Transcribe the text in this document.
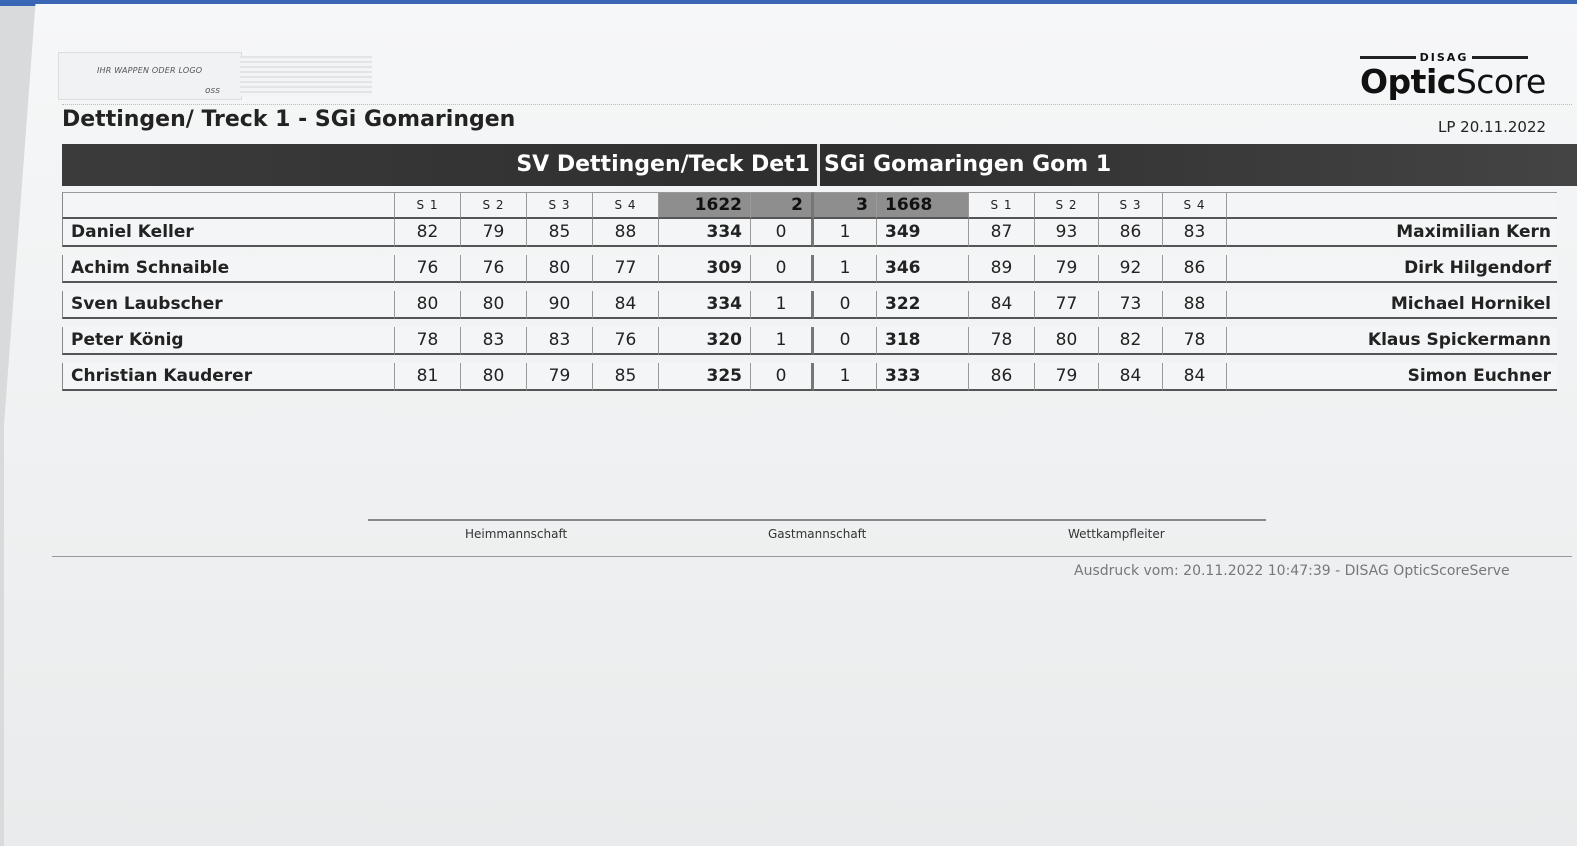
IHR WAPPEN ODER LOGO
oss
DISAG
OpticScore
Dettingen/ Treck 1 - SGi Gomaringen	LP 20.11.2022
SV Dettingen/Teck Det1 SGi Gomaringen Gom 1
	S 1	S 2	S 3	S 4	1622	2	3	1668	S 1	S 2	S 3	S 4	
Daniel Keller	82	79	85	88	334	0	1	349	87	93	86	83	Maximilian Kern

Achim Schnaible	76	76	80	77	309	0	1	346	89	79	92	86	Dirk Hilgendorf

Sven Laubscher	80	80	90	84	334	1	0	322	84	77	73	88	Michael Hornikel

Peter König	78	83	83	76	320	1	0	318	78	80	82	78	Klaus Spickermann

Christian Kauderer	81	80	79	85	325	0	1	333	86	79	84	84	Simon Euchner
Heimmannschaft	Gastmannschaft	Wettkampfleiter
Ausdruck vom: 20.11.2022 10:47:39 - DISAG OpticScoreServe
